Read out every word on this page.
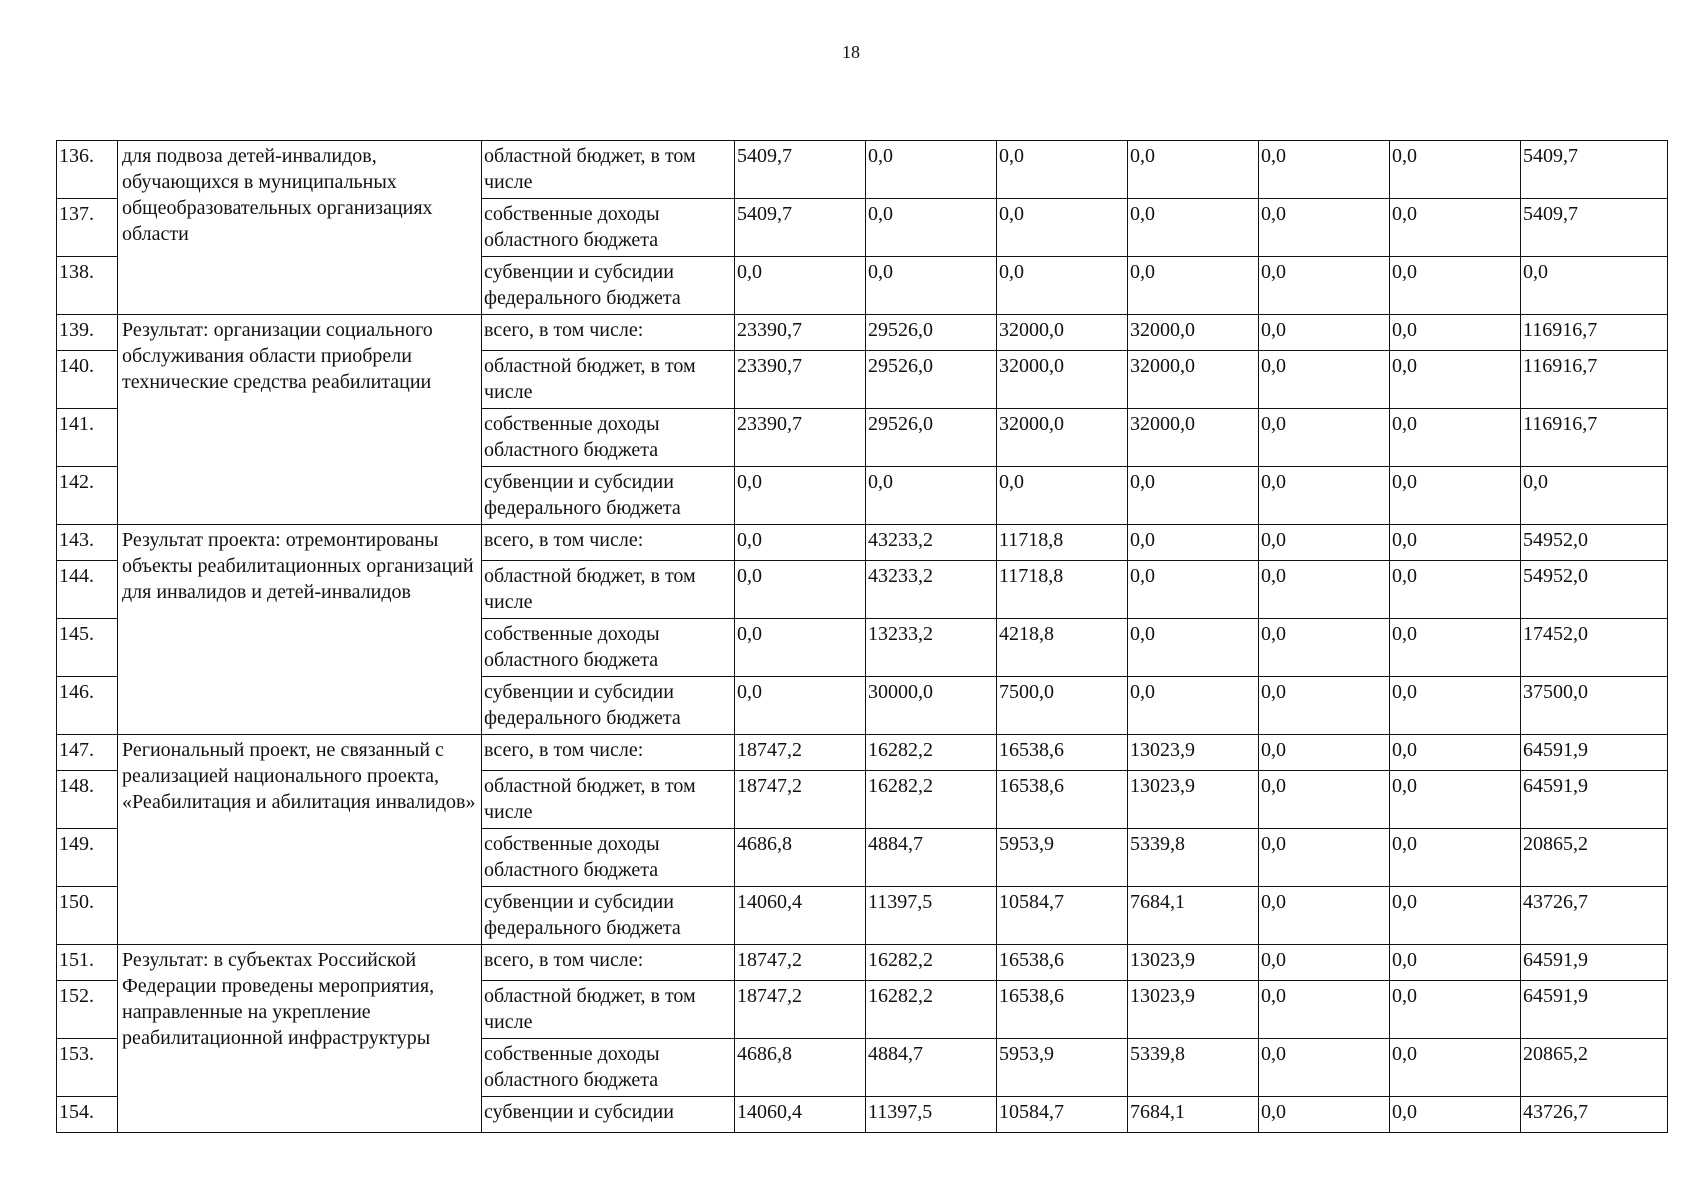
18
136.	для подвоза детей-инвалидов, обучающихся в муниципальных общеобразовательных организациях области	областной бюджет, в том числе	5409,7	0,0	0,0	0,0	0,0	0,0	5409,7
137.		собственные доходы областного бюджета	5409,7	0,0	0,0	0,0	0,0	0,0	5409,7
138.		субвенции и субсидии федерального бюджета	0,0	0,0	0,0	0,0	0,0	0,0	0,0
139.	Результат: организации социального обслуживания области приобрели технические средства реабилитации	всего, в том числе:	23390,7	29526,0	32000,0	32000,0	0,0	0,0	116916,7
140.		областной бюджет, в том числе	23390,7	29526,0	32000,0	32000,0	0,0	0,0	116916,7
141.		собственные доходы областного бюджета	23390,7	29526,0	32000,0	32000,0	0,0	0,0	116916,7
142.		субвенции и субсидии федерального бюджета	0,0	0,0	0,0	0,0	0,0	0,0	0,0
143.	Результат проекта: отремонтированы объекты реабилитационных организаций для инвалидов и детей-инвалидов	всего, в том числе:	0,0	43233,2	11718,8	0,0	0,0	0,0	54952,0
144.		областной бюджет, в том числе	0,0	43233,2	11718,8	0,0	0,0	0,0	54952,0
145.		собственные доходы областного бюджета	0,0	13233,2	4218,8	0,0	0,0	0,0	17452,0
146.		субвенции и субсидии федерального бюджета	0,0	30000,0	7500,0	0,0	0,0	0,0	37500,0
147.	Региональный проект, не связанный с реализацией национального проекта, «Реабилитация и абилитация инвалидов»	всего, в том числе:	18747,2	16282,2	16538,6	13023,9	0,0	0,0	64591,9
148.		областной бюджет, в том числе	18747,2	16282,2	16538,6	13023,9	0,0	0,0	64591,9
149.		собственные доходы областного бюджета	4686,8	4884,7	5953,9	5339,8	0,0	0,0	20865,2
150.		субвенции и субсидии федерального бюджета	14060,4	11397,5	10584,7	7684,1	0,0	0,0	43726,7
151.	Результат: в субъектах Российской Федерации проведены мероприятия, направленные на укрепление реабилитационной инфраструктуры	всего, в том числе:	18747,2	16282,2	16538,6	13023,9	0,0	0,0	64591,9
152.		областной бюджет, в том числе	18747,2	16282,2	16538,6	13023,9	0,0	0,0	64591,9
153.		собственные доходы областного бюджета	4686,8	4884,7	5953,9	5339,8	0,0	0,0	20865,2
154.		субвенции и субсидии	14060,4	11397,5	10584,7	7684,1	0,0	0,0	43726,7
